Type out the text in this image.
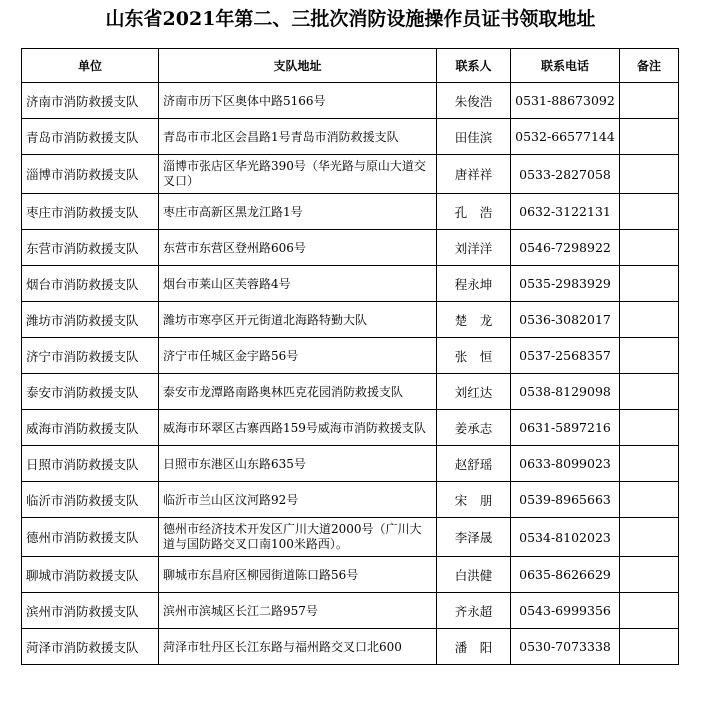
山东省2021年第二、三批次消防设施操作员证书领取地址
单位	支队地址	联系人	联系电话	备注
济南市消防救援支队	济南市历下区奥体中路5166号	朱俊浩	0531-88673092	
青岛市消防救援支队	青岛市市北区会昌路1号青岛市消防救援支队	田佳滨	0532-66577144	
淄博市消防救援支队	淄博市张店区华光路390号（华光路与原山大道交叉口）	唐祥祥	0533-2827058	
枣庄市消防救援支队	枣庄市高新区黑龙江路1号	孔　浩	0632-3122131	
东营市消防救援支队	东营市东营区登州路606号	刘洋洋	0546-7298922	
烟台市消防救援支队	烟台市莱山区芙蓉路4号	程永坤	0535-2983929	
潍坊市消防救援支队	潍坊市寒亭区开元街道北海路特勤大队	楚　龙	0536-3082017	
济宁市消防救援支队	济宁市任城区金宇路56号	张　恒	0537-2568357	
泰安市消防救援支队	泰安市龙潭路南路奥林匹克花园消防救援支队	刘红达	0538-8129098	
威海市消防救援支队	威海市环翠区古寨西路159号威海市消防救援支队	姜承志	0631-5897216	
日照市消防救援支队	日照市东港区山东路635号	赵舒瑶	0633-8099023	
临沂市消防救援支队	临沂市兰山区汶河路92号	宋　朋	0539-8965663	
德州市消防救援支队	德州市经济技术开发区广川大道2000号（广川大道与国防路交叉口南100米路西）。	李泽晟	0534-8102023	
聊城市消防救援支队	聊城市东昌府区柳园街道陈口路56号	白洪健	0635-8626629	
滨州市消防救援支队	滨州市滨城区长江二路957号	齐永超	0543-6999356	
菏泽市消防救援支队	菏泽市牡丹区长江东路与福州路交叉口北600	潘　阳	0530-7073338	
